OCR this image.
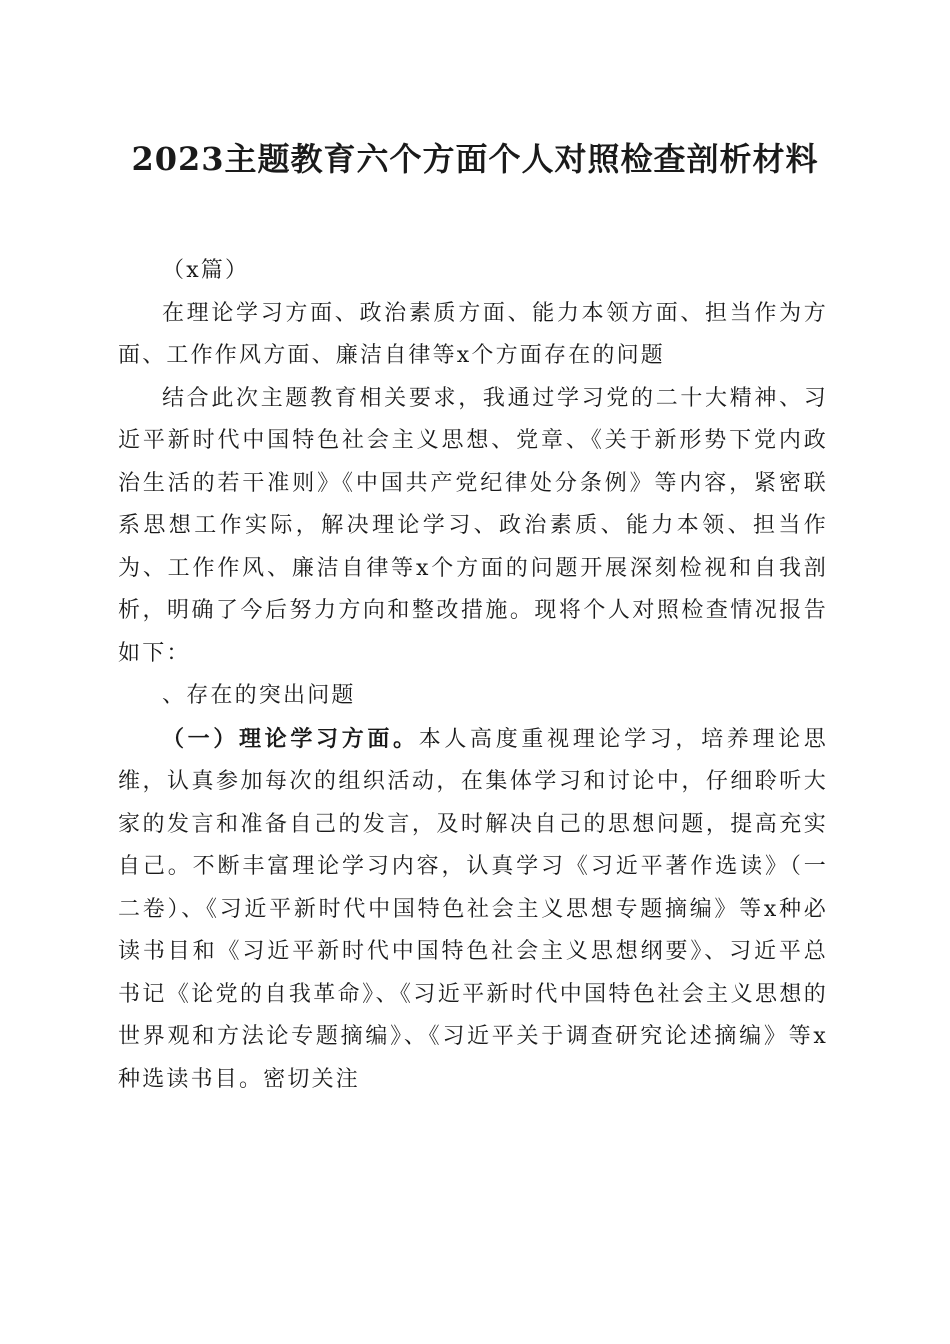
2023主题教育六个方面个人对照检查剖析材料

（x篇）

在理论学习方面、政治素质方面、能力本领方面、担当作为方面、工作作风方面、廉洁自律等x个方面存在的问题

结合此次主题教育相关要求，我通过学习党的二十大精神、习近平新时代中国特色社会主义思想、党章、《关于新形势下党内政治生活的若干准则》《中国共产党纪律处分条例》等内容，紧密联系思想工作实际，解决理论学习、政治素质、能力本领、担当作为、工作作风、廉洁自律等x个方面的问题开展深刻检视和自我剖析，明确了今后努力方向和整改措施。现将个人对照检查情况报告如下：

、存在的突出问题

（一）理论学习方面。本人高度重视理论学习，培养理论思维，认真参加每次的组织活动，在集体学习和讨论中，仔细聆听大家的发言和准备自己的发言，及时解决自己的思想问题，提高充实自己。不断丰富理论学习内容，认真学习《习近平著作选读》（一二卷）、《习近平新时代中国特色社会主义思想专题摘编》等x种必读书目和《习近平新时代中国特色社会主义思想纲要》、习近平总书记《论党的自我革命》、《习近平新时代中国特色社会主义思想的世界观和方法论专题摘编》、《习近平关于调查研究论述摘编》等x种选读书目。密切关注
